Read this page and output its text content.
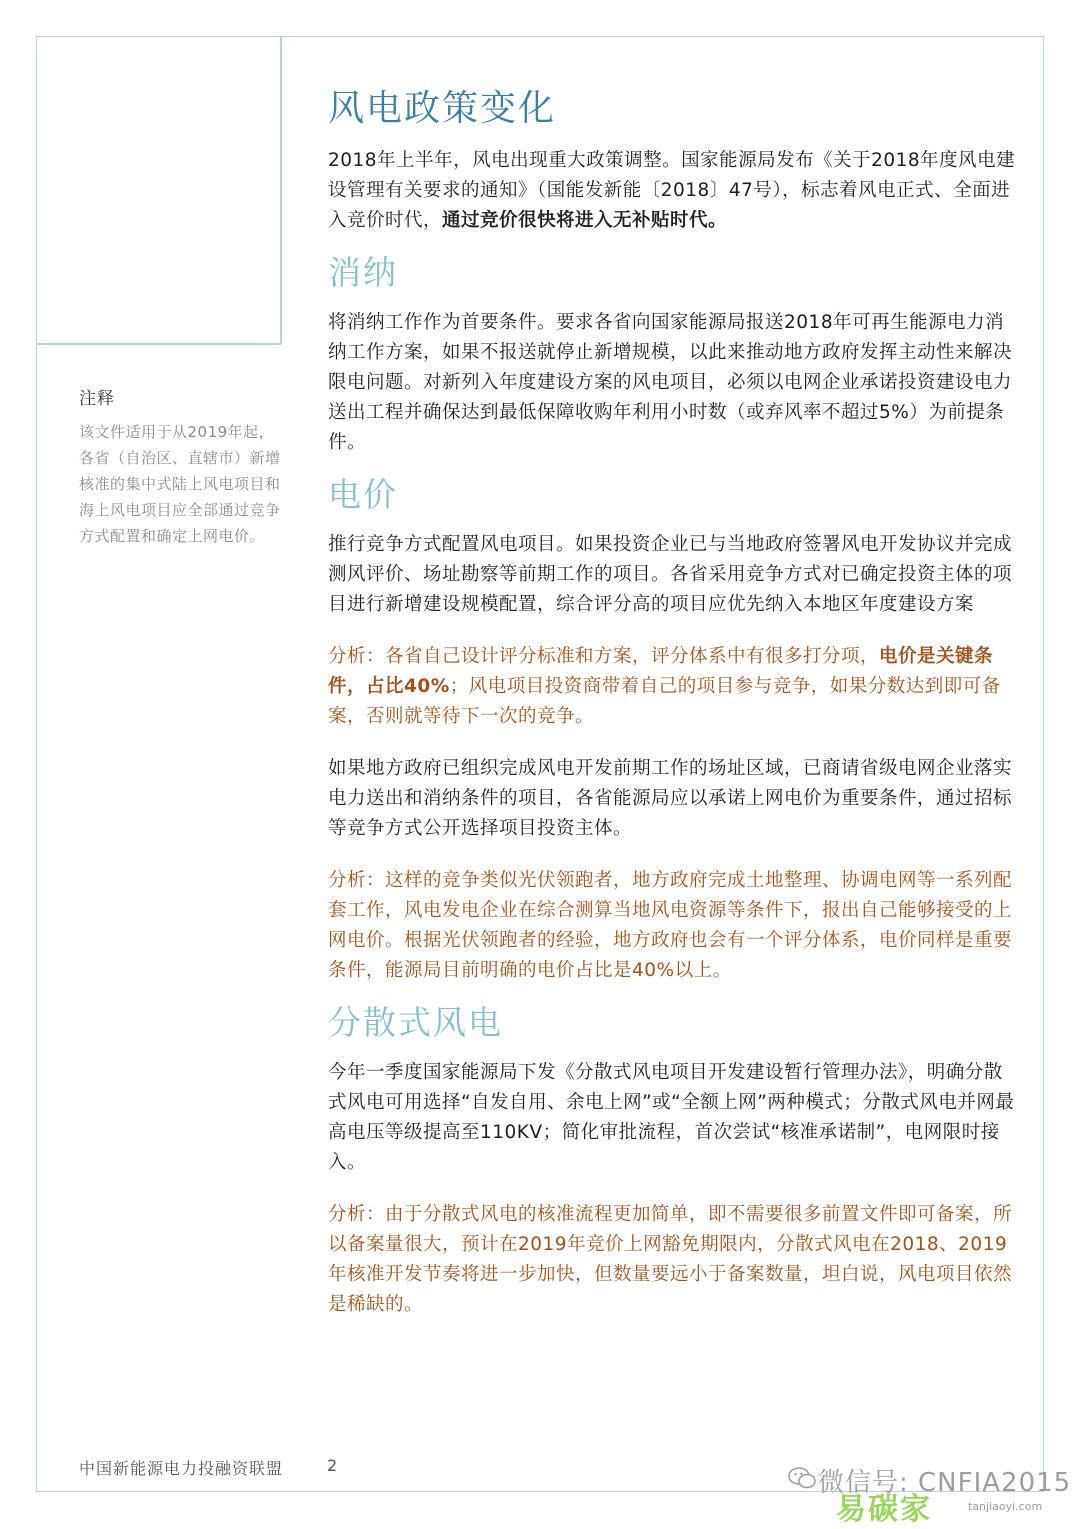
注释

该文件适用于从2019年起，各省（自治区、直辖市）新增核准的集中式陆上风电项目和海上风电项目应全部通过竞争方式配置和确定上网电价。

风电政策变化

2018年上半年，风电出现重大政策调整。国家能源局发布《关于2018年度风电建设管理有关要求的通知》（国能发新能〔2018〕47号），标志着风电正式、全面进入竞价时代，通过竞价很快将进入无补贴时代。

消纳

将消纳工作作为首要条件。要求各省向国家能源局报送2018年可再生能源电力消纳工作方案，如果不报送就停止新增规模，以此来推动地方政府发挥主动性来解决限电问题。对新列入年度建设方案的风电项目，必须以电网企业承诺投资建设电力送出工程并确保达到最低保障收购年利用小时数（或弃风率不超过5%）为前提条件。

电价

推行竞争方式配置风电项目。如果投资企业已与当地政府签署风电开发协议并完成测风评价、场址勘察等前期工作的项目。各省采用竞争方式对已确定投资主体的项目进行新增建设规模配置，综合评分高的项目应优先纳入本地区年度建设方案

分析：各省自己设计评分标准和方案，评分体系中有很多打分项，电价是关键条件，占比40%；风电项目投资商带着自己的项目参与竞争，如果分数达到即可备案，否则就等待下一次的竞争。

如果地方政府已组织完成风电开发前期工作的场址区域，已商请省级电网企业落实电力送出和消纳条件的项目，各省能源局应以承诺上网电价为重要条件，通过招标等竞争方式公开选择项目投资主体。

分析：这样的竞争类似光伏领跑者，地方政府完成土地整理、协调电网等一系列配套工作，风电发电企业在综合测算当地风电资源等条件下，报出自己能够接受的上网电价。根据光伏领跑者的经验，地方政府也会有一个评分体系，电价同样是重要条件，能源局目前明确的电价占比是40%以上。

分散式风电

今年一季度国家能源局下发《分散式风电项目开发建设暂行管理办法》，明确分散式风电可用选择“自发自用、余电上网”或“全额上网”两种模式；分散式风电并网最高电压等级提高至110KV；简化审批流程，首次尝试“核准承诺制”，电网限时接入。

分析：由于分散式风电的核准流程更加简单，即不需要很多前置文件即可备案，所以备案量很大，预计在2019年竞价上网豁免期限内，分散式风电在2018、2019年核准开发节奏将进一步加快，但数量要远小于备案数量，坦白说，风电项目依然是稀缺的。

中国新能源电力投融资联盟	2
微信号: CNFIA2015
易碳家	tanjiaoyi.com
